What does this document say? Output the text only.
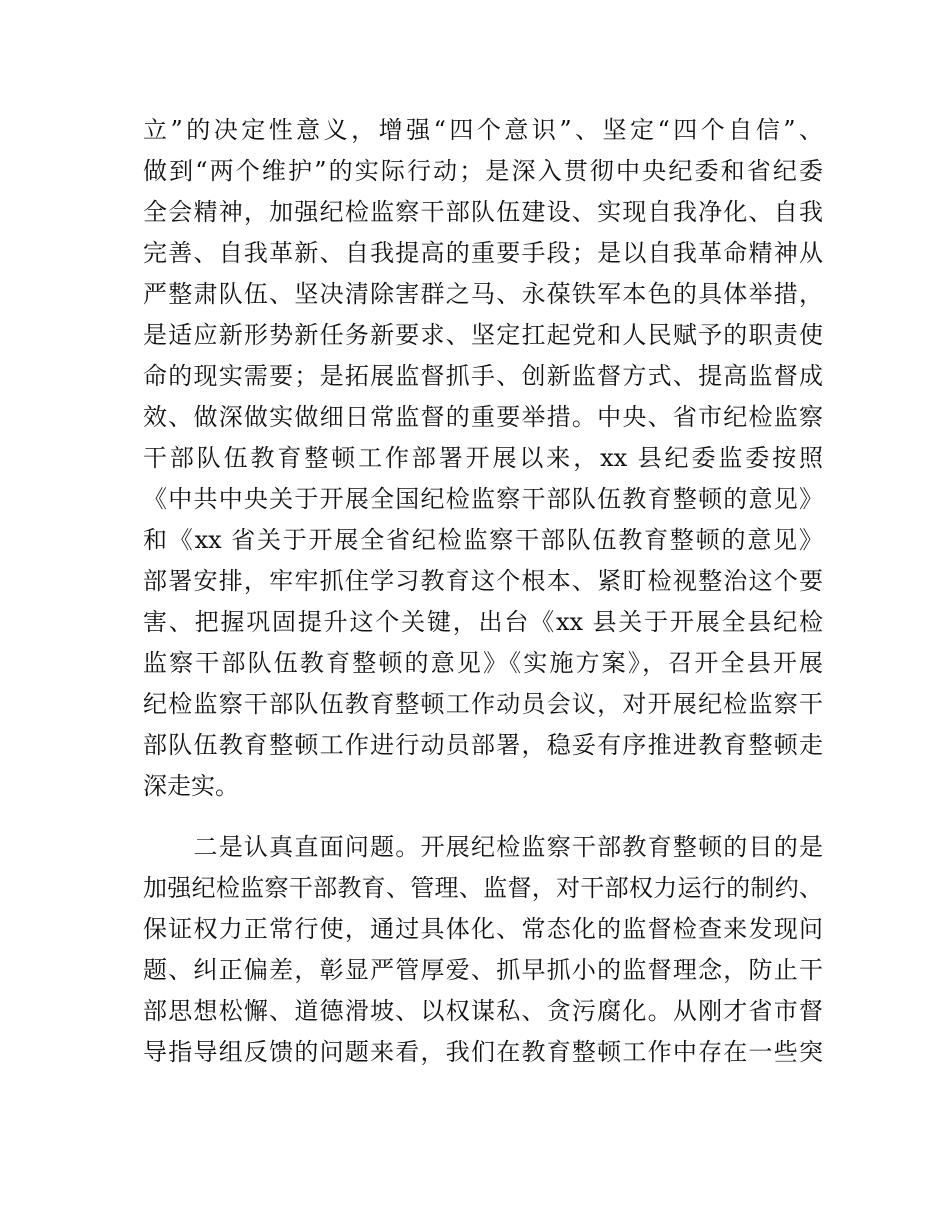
立”的决定性意义，增强“四个意识”、坚定“四个自信”、
做到“两个维护”的实际行动；是深入贯彻中央纪委和省纪委
全会精神，加强纪检监察干部队伍建设、实现自我净化、自我
完善、自我革新、自我提高的重要手段；是以自我革命精神从
严整肃队伍、坚决清除害群之马、永葆铁军本色的具体举措，
是适应新形势新任务新要求、坚定扛起党和人民赋予的职责使
命的现实需要；是拓展监督抓手、创新监督方式、提高监督成
效、做深做实做细日常监督的重要举措。中央、省市纪检监察
干部队伍教育整顿工作部署开展以来，xx 县纪委监委按照
《中共中央关于开展全国纪检监察干部队伍教育整顿的意见》
和《xx 省关于开展全省纪检监察干部队伍教育整顿的意见》
部署安排，牢牢抓住学习教育这个根本、紧盯检视整治这个要
害、把握巩固提升这个关键，出台《xx 县关于开展全县纪检
监察干部队伍教育整顿的意见》《实施方案》，召开全县开展
纪检监察干部队伍教育整顿工作动员会议，对开展纪检监察干
部队伍教育整顿工作进行动员部署，稳妥有序推进教育整顿走
深走实。
　　二是认真直面问题。开展纪检监察干部教育整顿的目的是
加强纪检监察干部教育、管理、监督，对干部权力运行的制约、
保证权力正常行使，通过具体化、常态化的监督检查来发现问
题、纠正偏差，彰显严管厚爱、抓早抓小的监督理念，防止干
部思想松懈、道德滑坡、以权谋私、贪污腐化。从刚才省市督
导指导组反馈的问题来看，我们在教育整顿工作中存在一些突
